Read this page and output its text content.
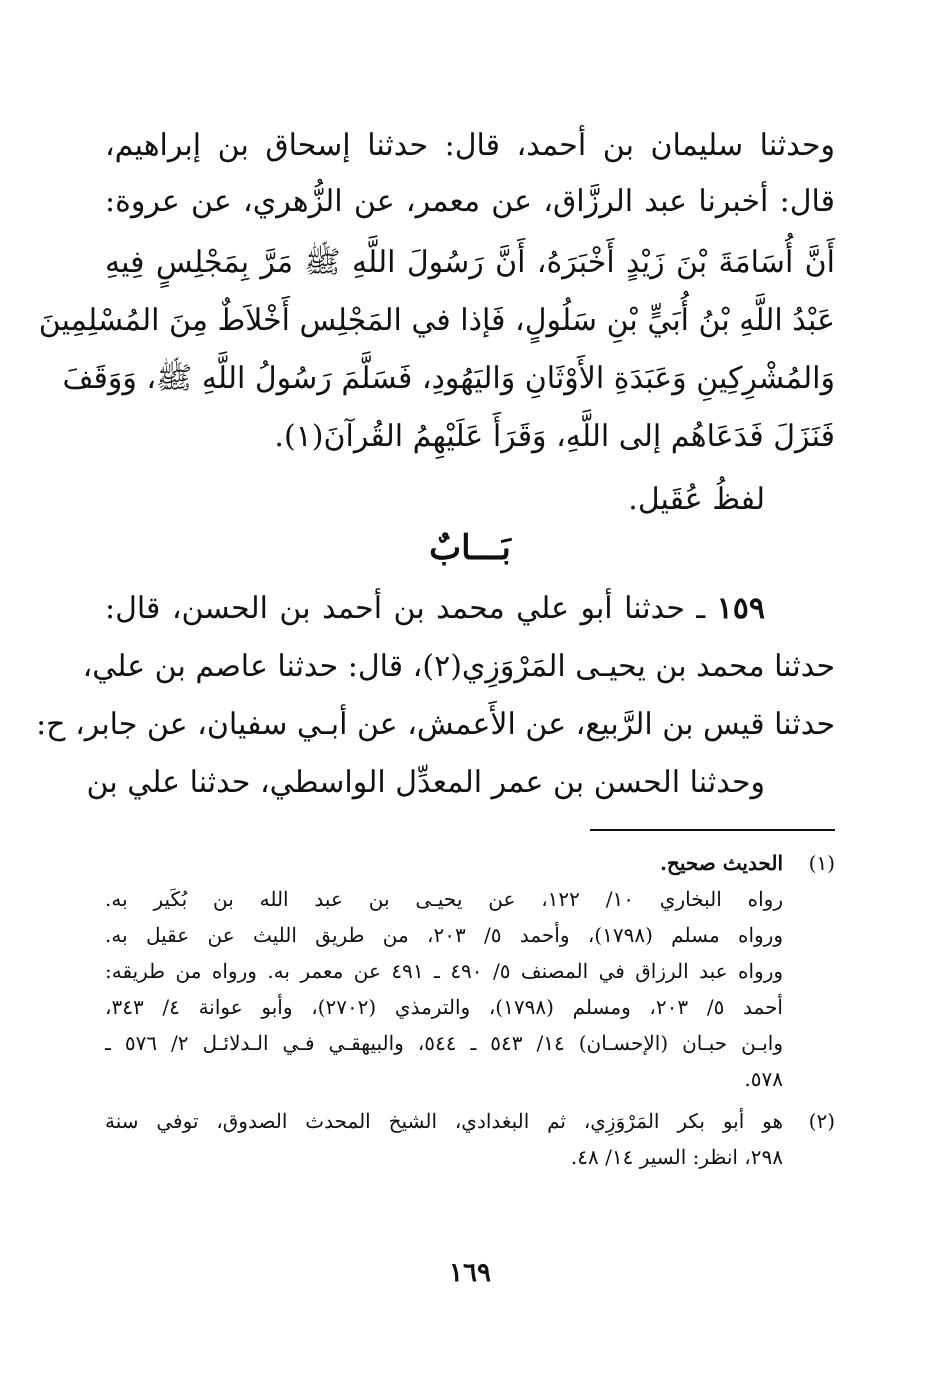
وحدثنا سليمان بن أحمد، قال: حدثنا إسحاق بن إبراهيم،
قال: أخبرنا عبد الرزَّاق، عن معمر، عن الزُّهري، عن عروة:
أَنَّ أُسَامَةَ بْنَ زَيْدٍ أَخْبَرَهُ، أَنَّ رَسُولَ اللَّهِ ﷺ مَرَّ بِمَجْلِسٍ فِيهِ
عَبْدُ اللَّهِ بْنُ أُبَيٍّ بْنِ سَلُولٍ، فَإذا في المَجْلِس أَخْلاَطٌ مِنَ المُسْلِمِينَ
وَالمُشْرِكِينِ وَعَبَدَةِ الأَوْثَانِ وَاليَهُودِ، فَسَلَّمَ رَسُولُ اللَّهِ ﷺ، وَوَقَفَ
فَنَزَلَ فَدَعَاهُم إلى اللَّهِ، وَقَرَأَ عَلَيْهِمُ القُرآنَ(١).
لفظُ عُقَيل.
بَـــابٌ
١٥٩ ـ حدثنا أبو علي محمد بن أحمد بن الحسن، قال:
حدثنا محمد بن يحيـى المَرْوَزِي(٢)، قال: حدثنا عاصم بن علي،
حدثنا قيس بن الرَّبيع، عن الأَعمش، عن أبـي سفيان، عن جابر، ح:
وحدثنا الحسن بن عمر المعدِّل الواسطي، حدثنا علي بن
(١)
الحديث صحيح.
رواه البخاري ١٠/ ١٢٢، عن يحيـى بن عبد الله بن بُكَير به.
ورواه مسلم (١٧٩٨)، وأحمد ٥/ ٢٠٣، من طريق الليث عن عقيل به.
ورواه عبد الرزاق في المصنف ٥/ ٤٩٠ ـ ٤٩١ عن معمر به. ورواه من طريقه:
أحمد ٥/ ٢٠٣، ومسلم (١٧٩٨)، والترمذي (٢٧٠٢)، وأبو عوانة ٤/ ٣٤٣،
وابـن حبـان (الإحسـان) ١٤/ ٥٤٣ ـ ٥٤٤، والبيهقـي فـي الـدلائـل ٢/ ٥٧٦ ـ
٥٧٨.
(٢)
هو أبو بكر المَرْوَزِي، ثم البغدادي، الشيخ المحدث الصدوق، توفي سنة
٢٩٨، انظر: السير ١٤/ ٤٨.
١٦٩
